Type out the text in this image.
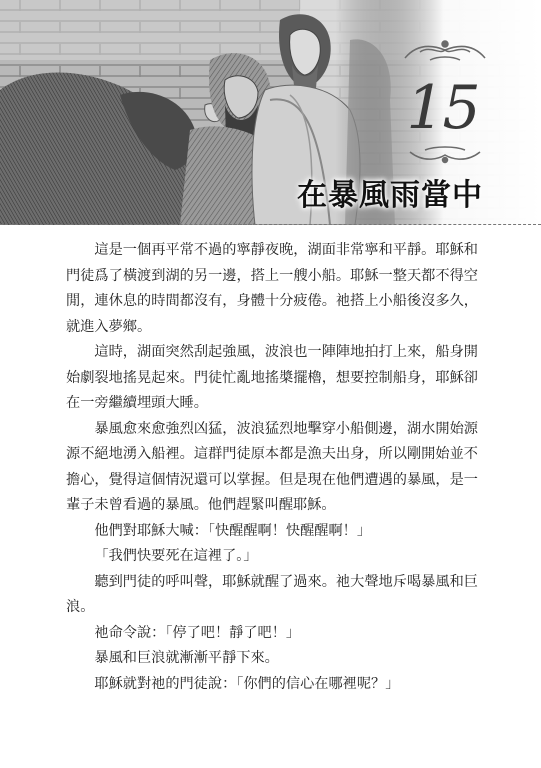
15
在暴風雨當中

這是一個再平常不過的寧靜夜晚，湖面非常寧和平靜。耶穌和門徒爲了橫渡到湖的另一邊，搭上一艘小船。耶穌一整天都不得空閒，連休息的時間都沒有，身體十分疲倦。祂搭上小船後沒多久，就進入夢鄉。

這時，湖面突然刮起強風，波浪也一陣陣地拍打上來，船身開始劇裂地搖晃起來。門徒忙亂地搖槳擺櫓，想要控制船身，耶穌卻在一旁繼續埋頭大睡。

暴風愈來愈強烈凶猛，波浪猛烈地擊穿小船側邊，湖水開始源源不絕地湧入船裡。這群門徒原本都是漁夫出身，所以剛開始並不擔心，覺得這個情況還可以掌握。但是現在他們遭遇的暴風，是一輩子未曾看過的暴風。他們趕緊叫醒耶穌。

他們對耶穌大喊：「快醒醒啊！快醒醒啊！」

「我們快要死在這裡了。」

聽到門徒的呼叫聲，耶穌就醒了過來。祂大聲地斥喝暴風和巨浪。

祂命令說：「停了吧！靜了吧！」

暴風和巨浪就漸漸平靜下來。

耶穌就對祂的門徒說：「你們的信心在哪裡呢？」
